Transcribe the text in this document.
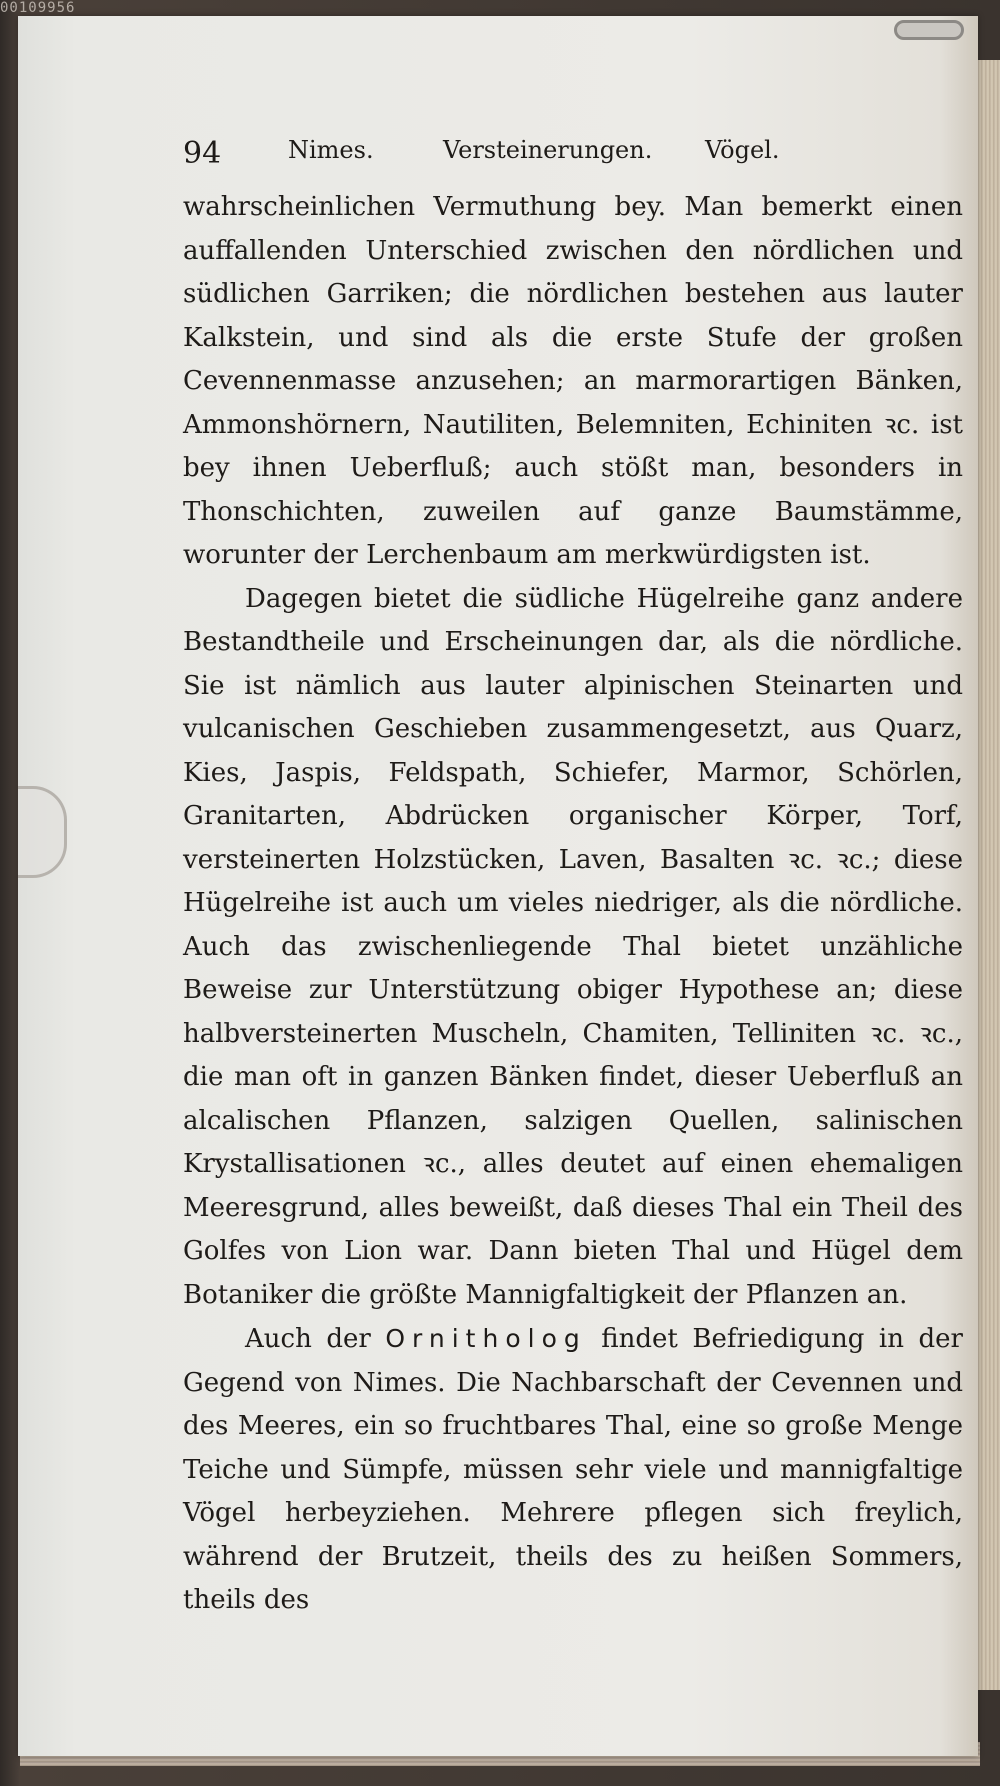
00109956
94	Nimes.	Versteinerungen. Vögel.

wahrscheinlichen Vermuthung bey. Man bemerkt einen auffallenden Unterschied zwischen den nördlichen und südlichen Garriken; die nördlichen bestehen aus lauter Kalkstein, und sind als die erste Stufe der großen Cevennenmasse anzusehen; an marmorartigen Bänken, Ammonshörnern, Nautiliten, Belemniten, Echiniten ꝛc. ist bey ihnen Ueberfluß; auch stößt man, besonders in Thonschichten, zuweilen auf ganze Baumstämme, worunter der Lerchenbaum am merkwürdigsten ist.

Dagegen bietet die südliche Hügelreihe ganz andere Bestandtheile und Erscheinungen dar, als die nördliche. Sie ist nämlich aus lauter alpinischen Steinarten und vulcanischen Geschieben zusammengesetzt, aus Quarz, Kies, Jaspis, Feldspath, Schiefer, Marmor, Schörlen, Granitarten, Abdrücken organischer Körper, Torf, versteinerten Holzstücken, Laven, Basalten ꝛc. ꝛc.; diese Hügelreihe ist auch um vieles niedriger, als die nördliche. Auch das zwischenliegende Thal bietet unzähliche Beweise zur Unterstützung obiger Hypothese an; diese halbversteinerten Muscheln, Chamiten, Telliniten ꝛc. ꝛc., die man oft in ganzen Bänken findet, dieser Ueberfluß an alcalischen Pflanzen, salzigen Quellen, salinischen Krystallisationen ꝛc., alles deutet auf einen ehemaligen Meeresgrund, alles beweißt, daß dieses Thal ein Theil des Golfes von Lion war. Dann bieten Thal und Hügel dem Botaniker die größte Mannigfaltigkeit der Pflanzen an.

Auch der Ornitholog findet Befriedigung in der Gegend von Nimes. Die Nachbarschaft der Cevennen und des Meeres, ein so fruchtbares Thal, eine so große Menge Teiche und Sümpfe, müssen sehr viele und mannigfaltige Vögel herbeyziehen. Mehrere pflegen sich freylich, während der Brutzeit, theils des zu heißen Sommers, theils des
